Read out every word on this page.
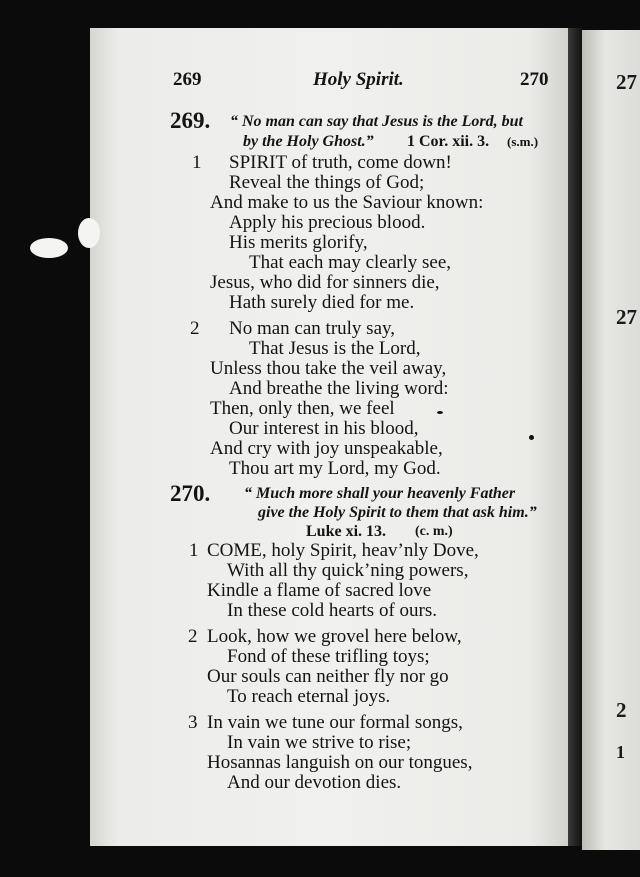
27
27
2
1
269	Holy Spirit.	270
269. “ No man can say that Jesus is the Lord, but
by the Holy Ghost.” 1 Cor. xii. 3. (s.m.)
1 SPIRIT of truth, come down!
Reveal the things of God;
And make to us the Saviour known:
Apply his precious blood.
His merits glorify,
That each may clearly see,
Jesus, who did for sinners die,
Hath surely died for me.
2 No man can truly say,
That Jesus is the Lord,
Unless thou take the veil away,
And breathe the living word:
Then, only then, we feel
Our interest in his blood,
And cry with joy unspeakable,
Thou art my Lord, my God.
270. “ Much more shall your heavenly Father
give the Holy Spirit to them that ask him.”
Luke xi. 13. (c. m.)
1 COME, holy Spirit, heav’nly Dove,
With all thy quick’ning powers,
Kindle a flame of sacred love
In these cold hearts of ours.
2 Look, how we grovel here below,
Fond of these trifling toys;
Our souls can neither fly nor go
To reach eternal joys.
3 In vain we tune our formal songs,
In vain we strive to rise;
Hosannas languish on our tongues,
And our devotion dies.
